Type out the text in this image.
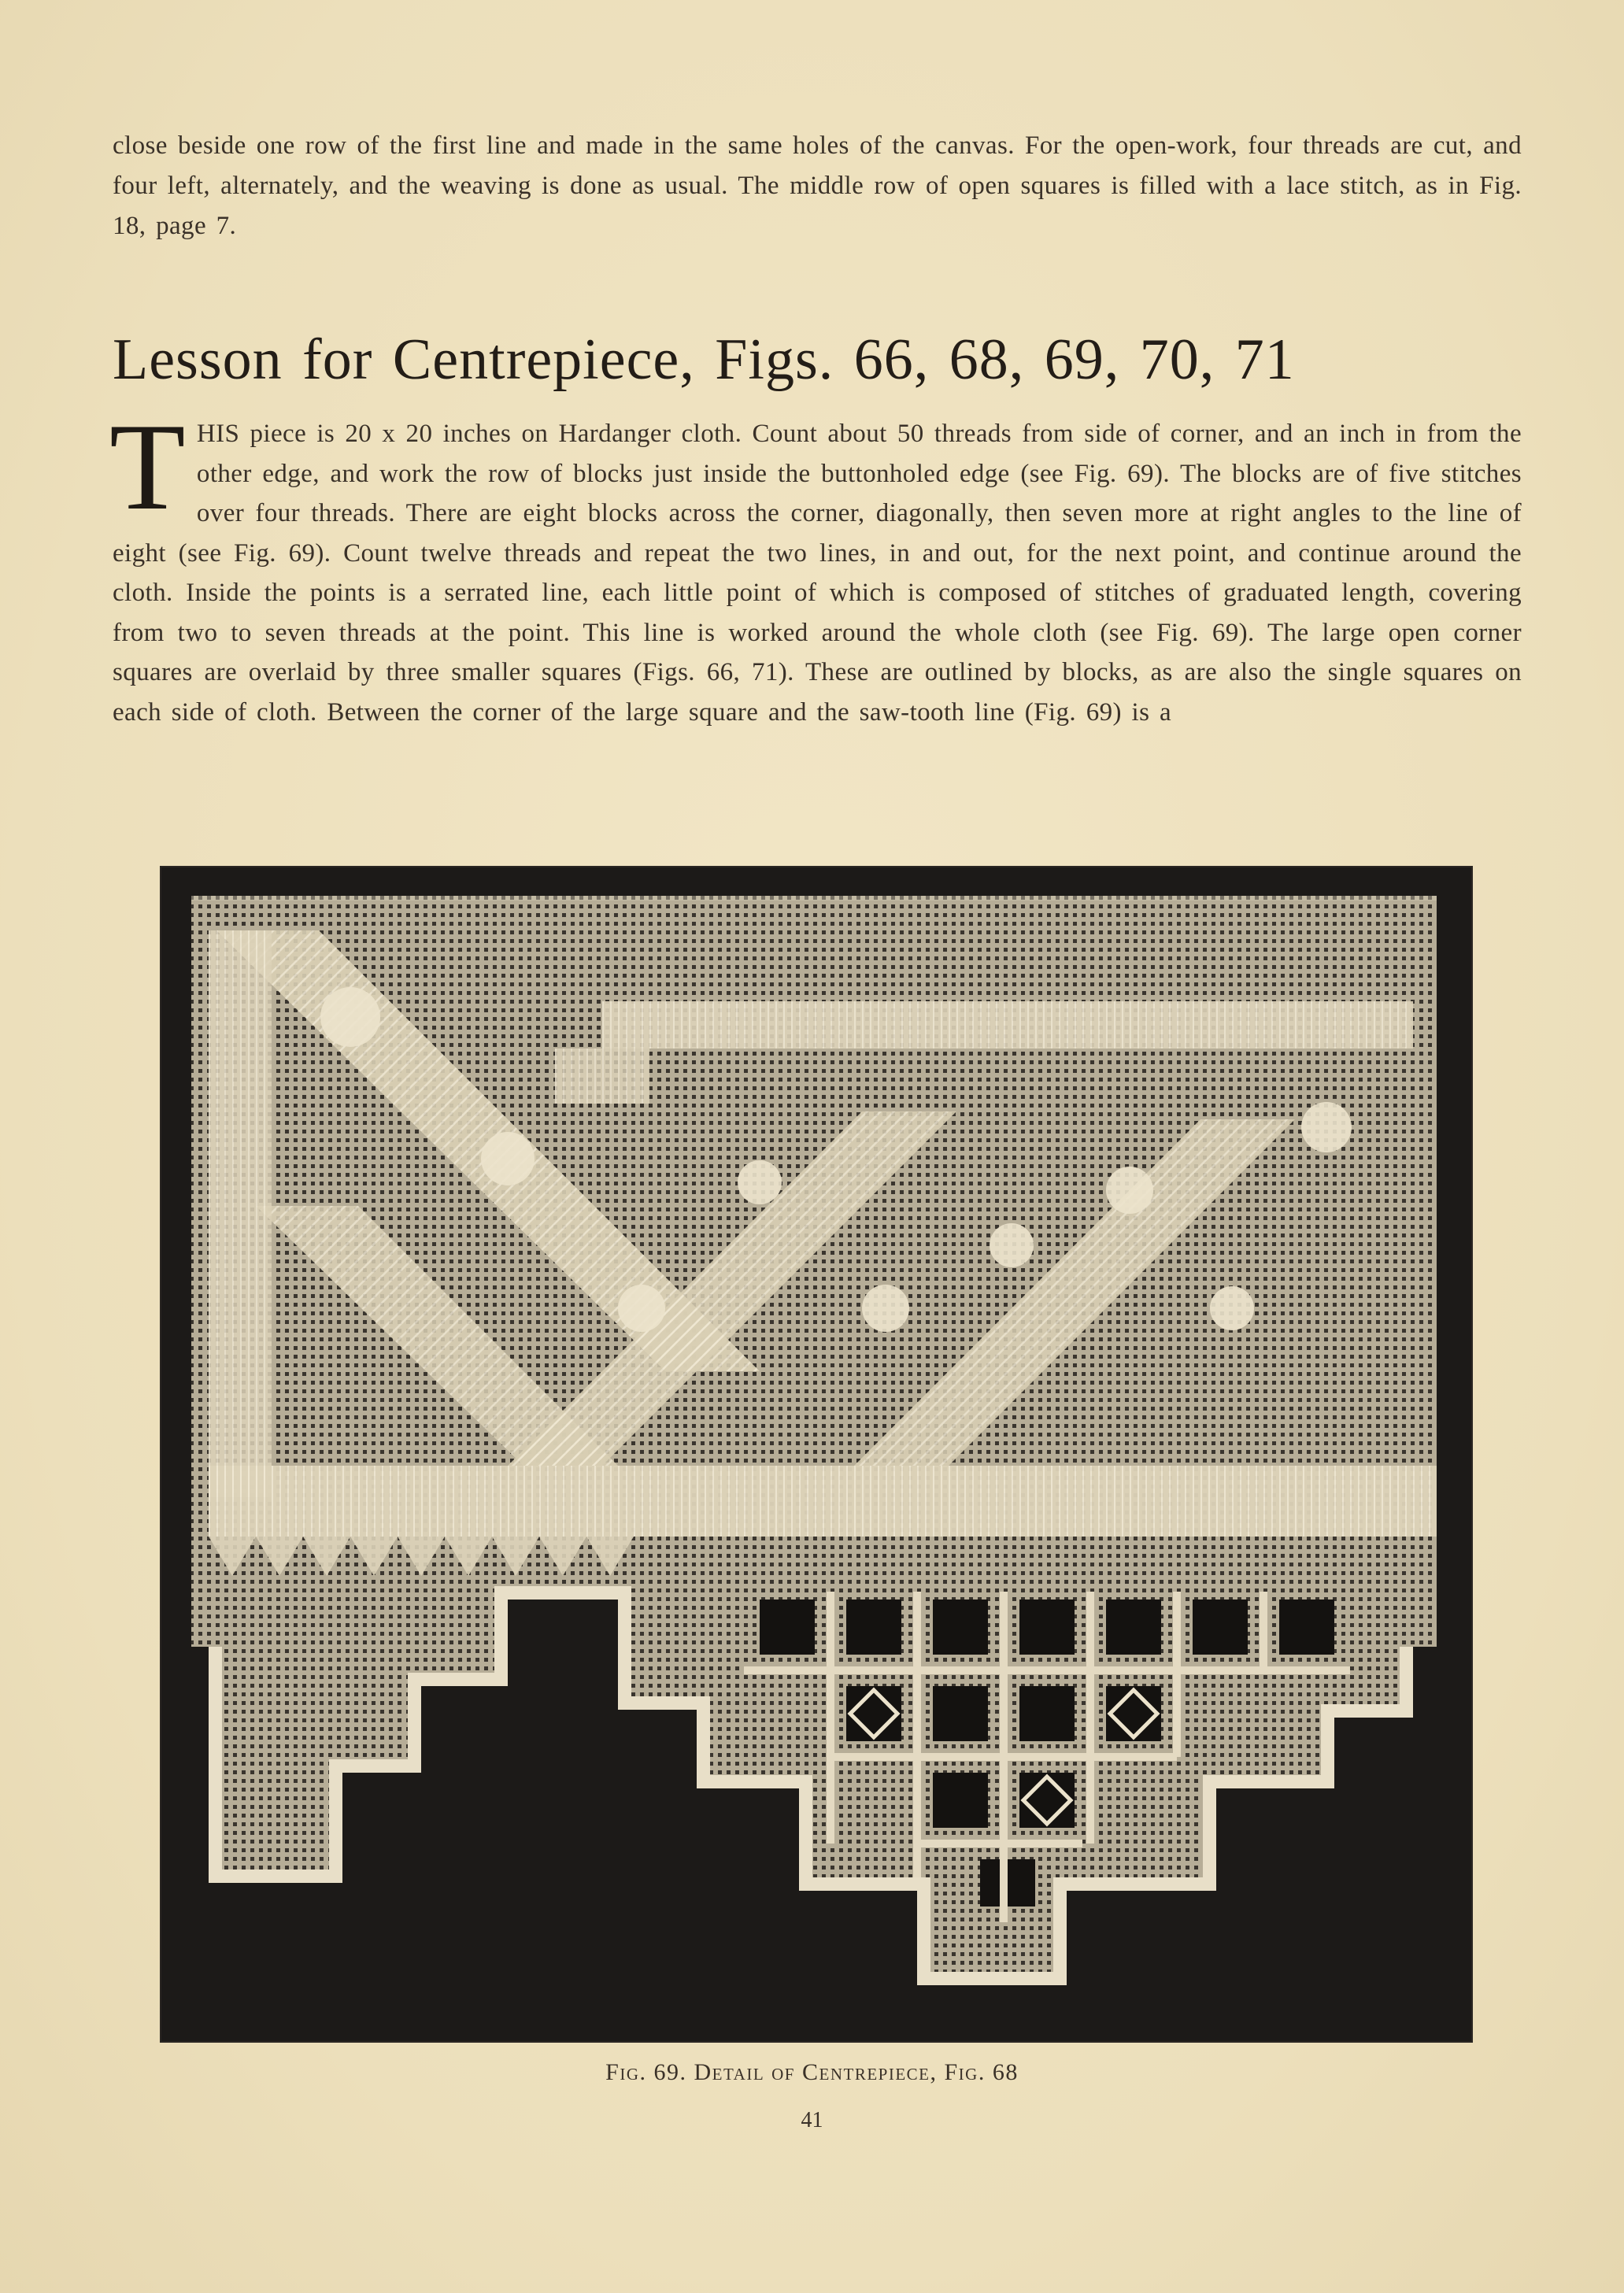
close beside one row of the first line and made in the same holes of the canvas. For the open-work, four threads are cut, and four left, alternately, and the weaving is done as usual. The middle row of open squares is filled with a lace stitch, as in Fig. 18, page 7.

Lesson for Centrepiece, Figs. 66, 68, 69, 70, 71
T HIS piece is 20 x 20 inches on Hardanger cloth. Count about 50 threads from side of corner, and an inch in from the other edge, and work the row of blocks just inside the buttonholed edge (see Fig. 69). The blocks are of five stitches over four threads. There are eight blocks across the corner, diagonally, then seven more at right angles to the line of eight (see Fig. 69). Count twelve threads and repeat the two lines, in and out, for the next point, and continue around the cloth. Inside the points is a serrated line, each little point of which is composed of stitches of graduated length, covering from two to seven threads at the point. This line is worked around the whole cloth (see Fig. 69). The large open corner squares are overlaid by three smaller squares (Figs. 66, 71). These are outlined by blocks, as are also the single squares on each side of cloth. Between the corner of the large square and the saw-tooth line (Fig. 69) is a
Fig. 69. Detail of Centrepiece, Fig. 68
41
